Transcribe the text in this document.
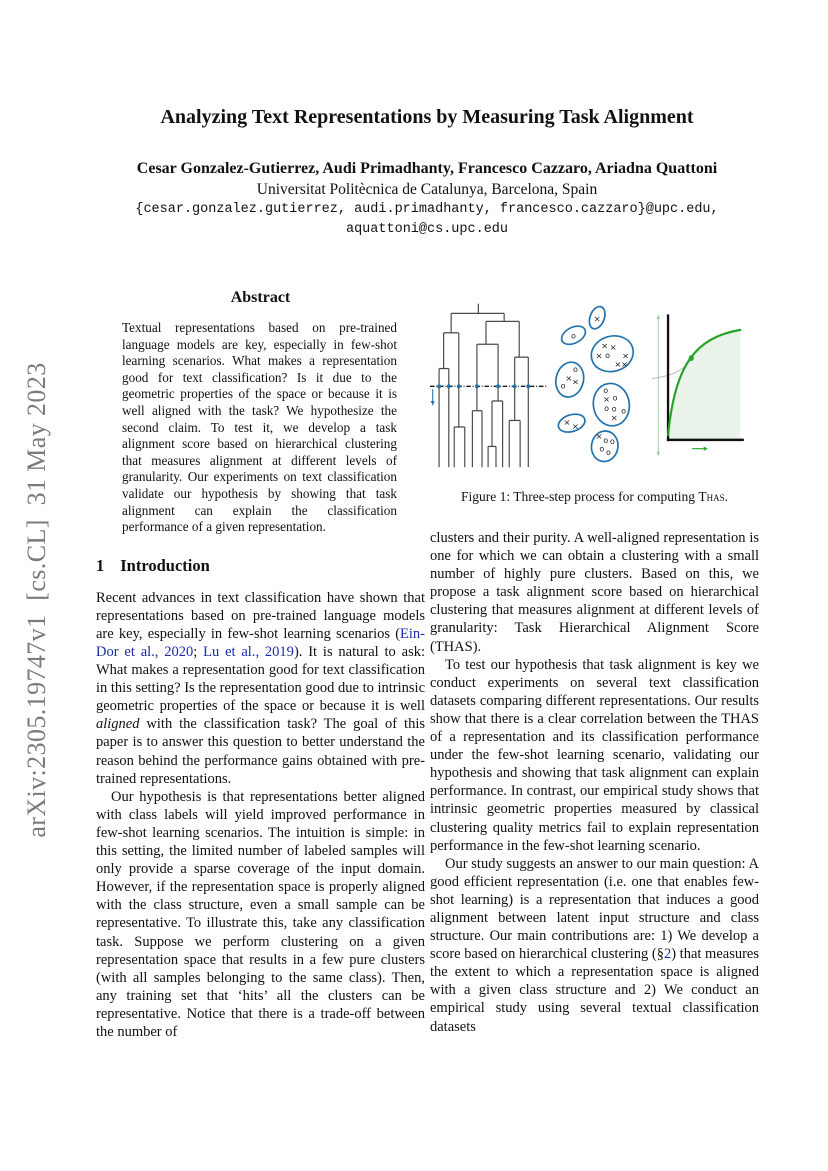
arXiv:2305.19747v1  [cs.CL]  31 May 2023
Analyzing Text Representations by Measuring Task Alignment
Cesar Gonzalez-Gutierrez, Audi Primadhanty, Francesco Cazzaro, Ariadna Quattoni
Universitat Politècnica de Catalunya, Barcelona, Spain
{cesar.gonzalez.gutierrez, audi.primadhanty, francesco.cazzaro}@upc.edu,
aquattoni@cs.upc.edu
Abstract

Textual representations based on pre-trained language models are key, especially in few-shot learning scenarios. What makes a representation good for text classification? Is it due to the geometric properties of the space or because it is well aligned with the task? We hypothesize the second claim. To test it, we develop a task alignment score based on hierarchical clustering that measures alignment at different levels of granularity. Our experiments on text classification validate our hypothesis by showing that task alignment can explain the classification performance of a given representation.

1 Introduction

Recent advances in text classification have shown that representations based on pre-trained language models are key, especially in few-shot learning scenarios (Ein-Dor et al., 2020; Lu et al., 2019). It is natural to ask: What makes a representation good for text classification in this setting? Is the representation good due to intrinsic geometric properties of the space or because it is well aligned with the classification task? The goal of this paper is to answer this question to better understand the reason behind the performance gains obtained with pre-trained representations.

Our hypothesis is that representations better aligned with class labels will yield improved performance in few-shot learning scenarios. The intuition is simple: in this setting, the limited number of labeled samples will only provide a sparse coverage of the input domain. However, if the representation space is properly aligned with the class structure, even a small sample can be representative. To illustrate this, take any classification task. Suppose we perform clustering on a given representation space that results in a few pure clusters (with all samples belonging to the same class). Then, any training set that ‘hits’ all the clusters can be representative. Notice that there is a trade-off between the number of

o
×
× ×
× o ×
× ×
o
× ×
o
o
× o
o o o
×
× ×
× o o
o o
Figure 1: Three-step process for computing Thas.

clusters and their purity. A well-aligned representation is one for which we can obtain a clustering with a small number of highly pure clusters. Based on this, we propose a task alignment score based on hierarchical clustering that measures alignment at different levels of granularity: Task Hierarchical Alignment Score (THAS).

To test our hypothesis that task alignment is key we conduct experiments on several text classification datasets comparing different representations. Our results show that there is a clear correlation between the THAS of a representation and its classification performance under the few-shot learning scenario, validating our hypothesis and showing that task alignment can explain performance. In contrast, our empirical study shows that intrinsic geometric properties measured by classical clustering quality metrics fail to explain representation performance in the few-shot learning scenario.

Our study suggests an answer to our main question: A good efficient representation (i.e. one that enables few-shot learning) is a representation that induces a good alignment between latent input structure and class structure. Our main contributions are: 1) We develop a score based on hierarchical clustering (§2) that measures the extent to which a representation space is aligned with a given class structure and 2) We conduct an empirical study using several textual classification datasets
